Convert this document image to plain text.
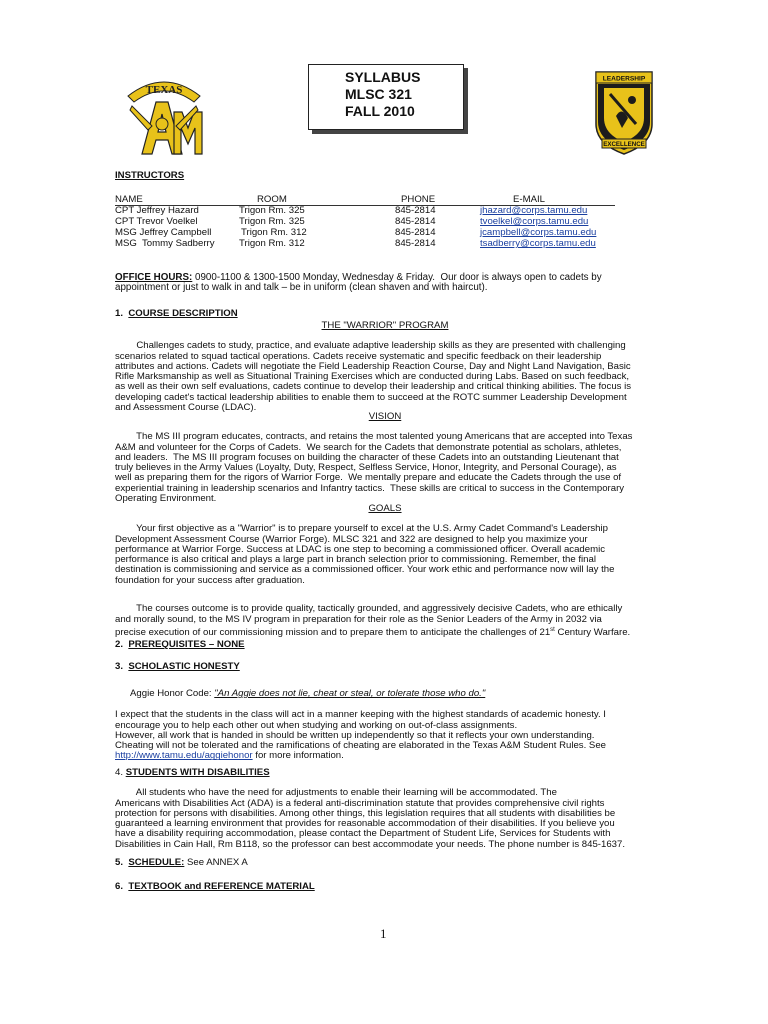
TEXAS
SYLLABUS
MLSC 321
FALL 2010
LEADERSHIP
EXCELLENCE
INSTRUCTORS
NAME	ROOM	PHONE	E-MAIL
CPT Jeffrey Hazard	Trigon Rm. 325	845-2814	jhazard@corps.tamu.edu
CPT Trevor Voelkel	Trigon Rm. 325	845-2814	tvoelkel@corps.tamu.edu
MSG Jeffrey Campbell	Trigon Rm. 312	845-2814	jcampbell@corps.tamu.edu
MSG  Tommy Sadberry	Trigon Rm. 312	845-2814	tsadberry@corps.tamu.edu
OFFICE HOURS: 0900-1100 & 1300-1500 Monday, Wednesday & Friday.  Our door is always open to cadets by
appointment or just to walk in and talk – be in uniform (clean shaven and with haircut).
1. COURSE DESCRIPTION
THE "WARRIOR" PROGRAM

Challenges cadets to study, practice, and evaluate adaptive leadership skills as they are presented with challenging
scenarios related to squad tactical operations. Cadets receive systematic and specific feedback on their leadership
attributes and actions. Cadets will negotiate the Field Leadership Reaction Course, Day and Night Land Navigation, Basic
Rifle Marksmanship as well as Situational Training Exercises which are conducted during Labs. Based on such feedback,
as well as their own self evaluations, cadets continue to develop their leadership and critical thinking abilities. The focus is
developing cadet's tactical leadership abilities to enable them to succeed at the ROTC summer Leadership Development
and Assessment Course (LDAC).
VISION

The MS III program educates, contracts, and retains the most talented young Americans that are accepted into Texas
A&M and volunteer for the Corps of Cadets.  We search for the Cadets that demonstrate potential as scholars, athletes,
and leaders.  The MS III program focuses on building the character of these Cadets into an outstanding Lieutenant that
truly believes in the Army Values (Loyalty, Duty, Respect, Selfless Service, Honor, Integrity, and Personal Courage), as
well as preparing them for the rigors of Warrior Forge.  We mentally prepare and educate the Cadets through the use of
experiential training in leadership scenarios and Infantry tactics.  These skills are critical to success in the Contemporary
Operating Environment.
GOALS

Your first objective as a "Warrior" is to prepare yourself to excel at the U.S. Army Cadet Command's Leadership
Development Assessment Course (Warrior Forge). MLSC 321 and 322 are designed to help you maximize your
performance at Warrior Forge. Success at LDAC is one step to becoming a commissioned officer. Overall academic
performance is also critical and plays a large part in branch selection prior to commissioning. Remember, the final
destination is commissioning and service as a commissioned officer. Your work ethic and performance now will lay the
foundation for your success after graduation.

The courses outcome is to provide quality, tactically grounded, and aggressively decisive Cadets, who are ethically
and morally sound, to the MS IV program in preparation for their role as the Senior Leaders of the Army in 2032 via
precise execution of our commissioning mission and to prepare them to anticipate the challenges of 21st Century Warfare.
2. PREREQUISITES – NONE
3. SCHOLASTIC HONESTY
Aggie Honor Code: "An Aggie does not lie, cheat or steal, or tolerate those who do."

I expect that the students in the class will act in a manner keeping with the highest standards of academic honesty. I
encourage you to help each other out when studying and working on out-of-class assignments.
However, all work that is handed in should be written up independently so that it reflects your own understanding.
Cheating will not be tolerated and the ramifications of cheating are elaborated in the Texas A&M Student Rules. See
http://www.tamu.edu/aggiehonor for more information.
4. STUDENTS WITH DISABILITIES

All students who have the need for adjustments to enable their learning will be accommodated. The
Americans with Disabilities Act (ADA) is a federal anti-discrimination statute that provides comprehensive civil rights
protection for persons with disabilities. Among other things, this legislation requires that all students with disabilities be
guaranteed a learning environment that provides for reasonable accommodation of their disabilities. If you believe you
have a disability requiring accommodation, please contact the Department of Student Life, Services for Students with
Disabilities in Cain Hall, Rm B118, so the professor can best accommodate your needs. The phone number is 845-1637.
5. SCHEDULE: See ANNEX A
6. TEXTBOOK and REFERENCE MATERIAL
1
